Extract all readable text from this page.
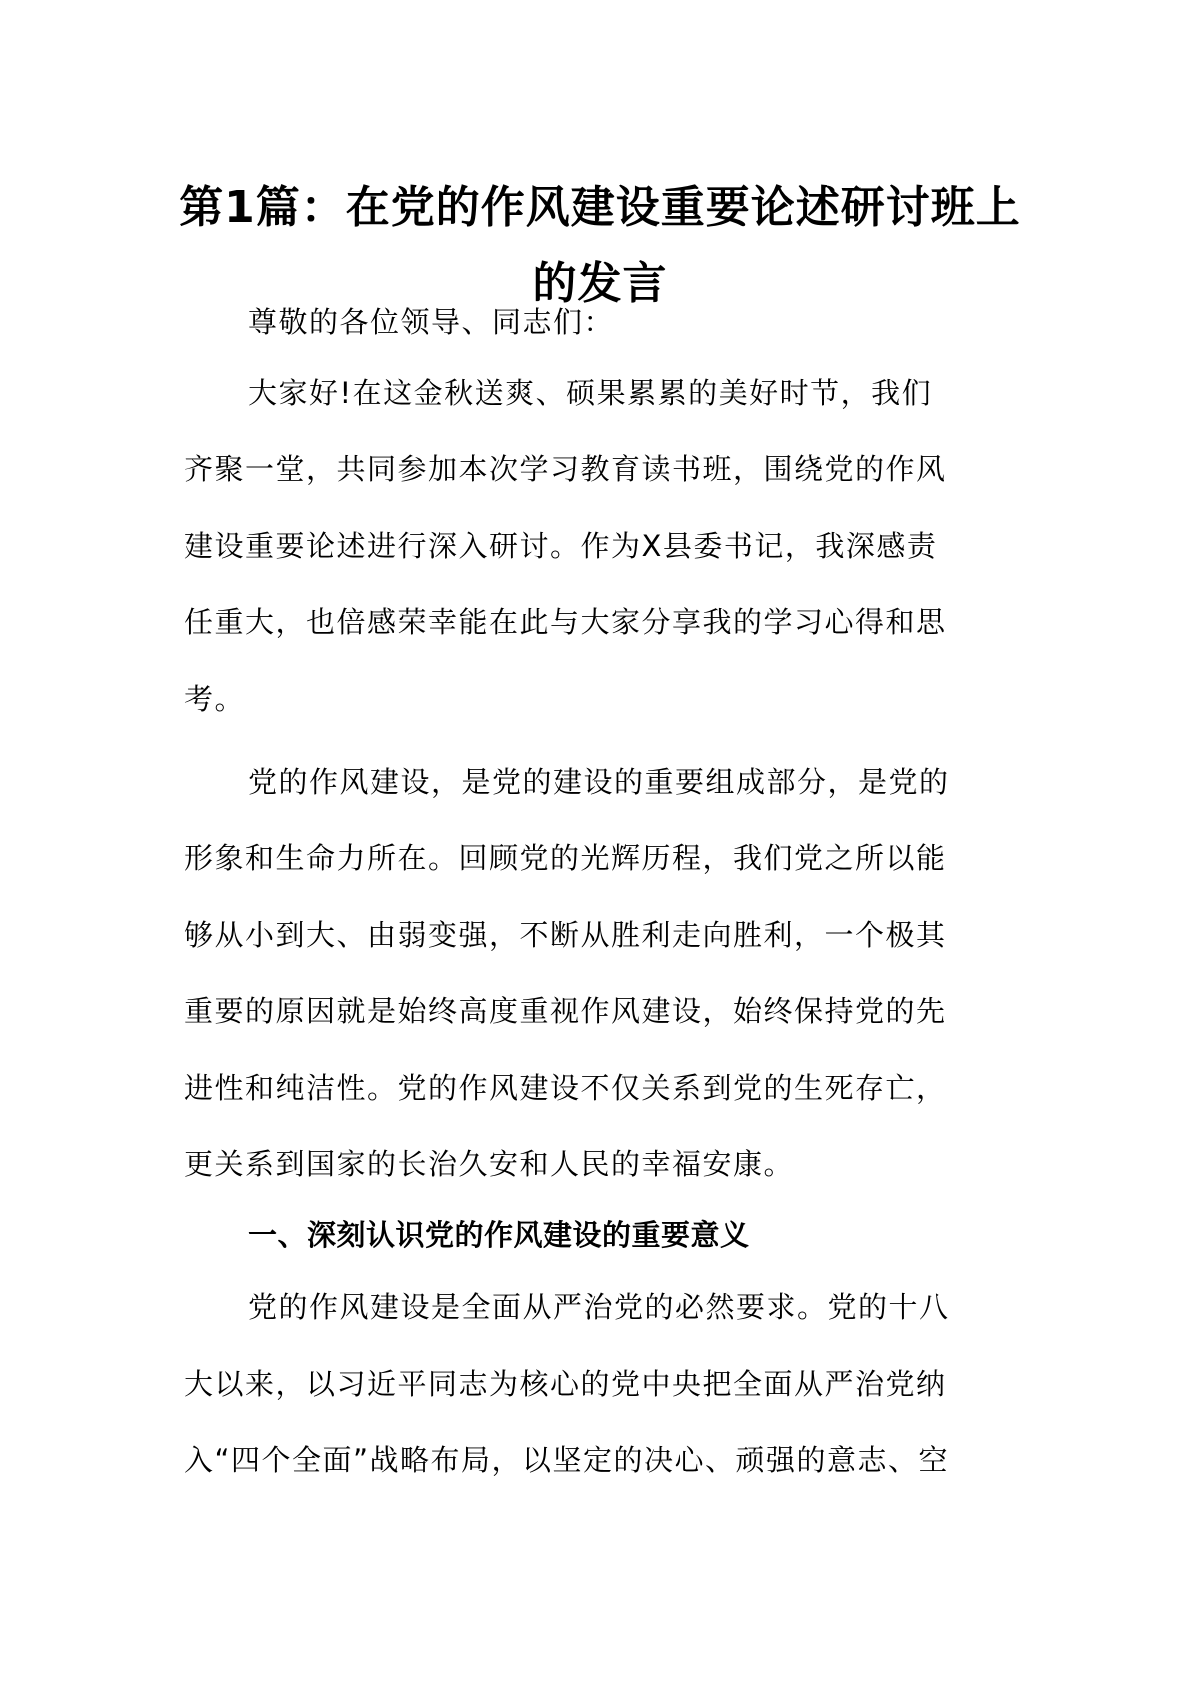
第1篇：在党的作风建设重要论述研讨班上
的发言

尊敬的各位领导、同志们：

大家好!在这金秋送爽、硕果累累的美好时节，我们

齐聚一堂，共同参加本次学习教育读书班，围绕党的作风

建设重要论述进行深入研讨。作为X县委书记，我深感责

任重大，也倍感荣幸能在此与大家分享我的学习心得和思

考。

党的作风建设，是党的建设的重要组成部分，是党的

形象和生命力所在。回顾党的光辉历程，我们党之所以能

够从小到大、由弱变强，不断从胜利走向胜利，一个极其

重要的原因就是始终高度重视作风建设，始终保持党的先

进性和纯洁性。党的作风建设不仅关系到党的生死存亡，

更关系到国家的长治久安和人民的幸福安康。

一、深刻认识党的作风建设的重要意义

党的作风建设是全面从严治党的必然要求。党的十八

大以来，以习近平同志为核心的党中央把全面从严治党纳

入“四个全面”战略布局，以坚定的决心、顽强的意志、空
